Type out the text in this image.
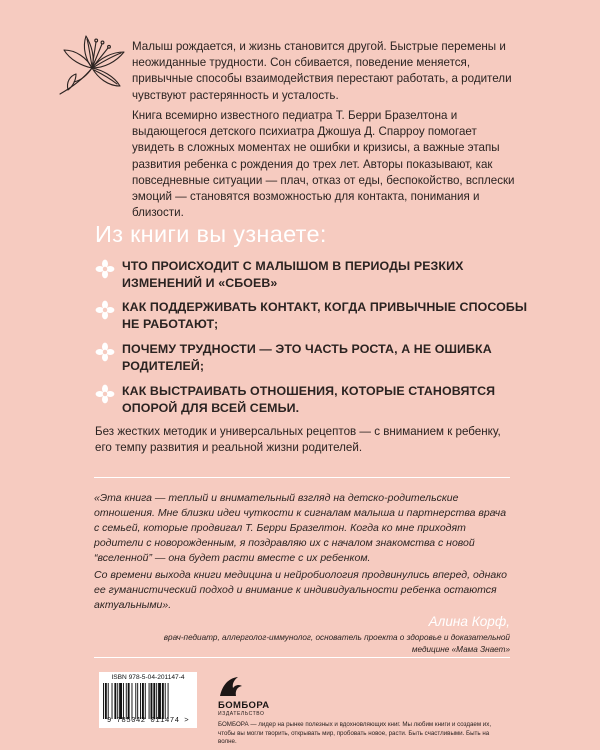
Малыш рождается, и жизнь становится другой. Быстрые перемены и неожиданные трудности. Сон сбивается, поведение меняется, привычные способы взаимодействия перестают работать, а родители чувствуют растерянность и усталость.
Книга всемирно известного педиатра Т. Берри Бразелтона и выдающегося детского психиатра Джошуа Д. Спарроу помогает увидеть в сложных моментах не ошибки и кризисы, а важные этапы развития ребенка с рождения до трех лет. Авторы показывают, как повседневные ситуации — плач, отказ от еды, беспокойство, всплески эмоций — становятся возможностью для контакта, понимания и близости.
Из книги вы узнаете:
ЧТО ПРОИСХОДИТ С МАЛЫШОМ В ПЕРИОДЫ РЕЗКИХ ИЗМЕНЕНИЙ И «СБОЕВ»
КАК ПОДДЕРЖИВАТЬ КОНТАКТ, КОГДА ПРИВЫЧНЫЕ СПОСОБЫ НЕ РАБОТАЮТ;
ПОЧЕМУ ТРУДНОСТИ — ЭТО ЧАСТЬ РОСТА, А НЕ ОШИБКА РОДИТЕЛЕЙ;
КАК ВЫСТРАИВАТЬ ОТНОШЕНИЯ, КОТОРЫЕ СТАНОВЯТСЯ ОПОРОЙ ДЛЯ ВСЕЙ СЕМЬИ.
Без жестких методик и универсальных рецептов — с вниманием к ребенку, его темпу развития и реальной жизни родителей.
«Эта книга — теплый и внимательный взгляд на детско-родительские отношения. Мне близки идеи чуткости к сигналам малыша и партнерства врача с семьей, которые продвигал Т. Берри Бразелтон. Когда ко мне приходят родители с новорожденным, я поздравляю их с началом знакомства с новой “вселенной” — она будет расти вместе с их ребенком.
Со времени выхода книги медицина и нейробиология продвинулись вперед, однако ее гуманистический подход и внимание к индивидуальности ребенка остаются актуальными».
Алина Корф,
врач-педиатр, аллерголог-иммунолог, основатель проекта о здоровье и доказательной медицине «Мама Знает»
ISBN 978-5-04-201147-4
9 785042 011474 >
БОМБОРА
ИЗДАТЕЛЬСТВО
БОМБОРА — лидер на рынке полезных и вдохновляющих книг. Мы любим книги и создаем их, чтобы вы могли творить, открывать мир, пробовать новое, расти. Быть счастливыми. Быть на волне.
